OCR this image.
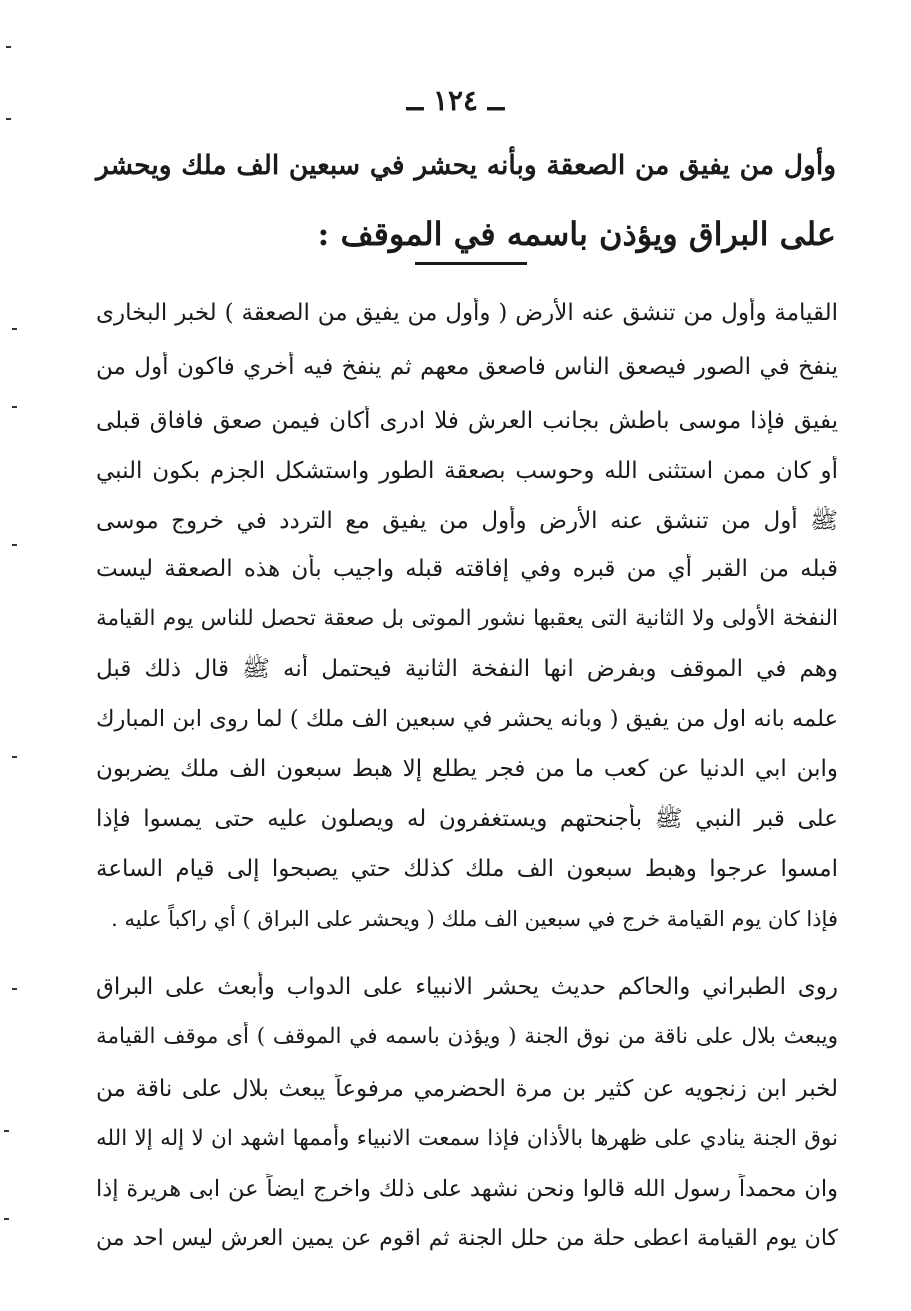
ــ ١٢٤ ــ
وأول من يفيق من الصعقة وبأنه يحشر في سبعين الف ملك ويحشر
على البراق ويؤذن باسمه في الموقف :
القيامة وأول من تنشق عنه الأرض ( وأول من يفيق من الصعقة ) لخبر البخارى
ينفخ في الصور فيصعق الناس فاصعق معهم ثم ينفخ فيه أخري فاكون أول من
يفيق فإذا موسى باطش بجانب العرش فلا ادرى أكان فيمن صعق فافاق قبلى
أو كان ممن استثنى الله وحوسب بصعقة الطور واستشكل الجزم بكون النبي
ﷺ أول من تنشق عنه الأرض وأول من يفيق مع التردد في خروج موسى
قبله من القبر أي من قبره وفي إفاقته قبله واجيب بأن هذه الصعقة ليست
النفخة الأولى ولا الثانية التى يعقبها نشور الموتى بل صعقة تحصل للناس يوم القيامة
وهم في الموقف وبفرض انها النفخة الثانية فيحتمل أنه ﷺ قال ذلك قبل
علمه بانه اول من يفيق ( وبانه يحشر في سبعين الف ملك ) لما روى ابن المبارك
وابن ابي الدنيا عن كعب ما من فجر يطلع إلا هبط سبعون الف ملك يضربون
على قبر النبي ﷺ بأجنحتهم ويستغفرون له ويصلون عليه حتى يمسوا فإذا
امسوا عرجوا وهبط سبعون الف ملك كذلك حتي يصبحوا إلى قيام الساعة
فإذا كان يوم القيامة خرج في سبعين الف ملك ( ويحشر على البراق ) أي راكباً عليه .
روى الطبراني والحاكم حديث يحشر الانبياء على الدواب وأبعث على البراق
ويبعث بلال على ناقة من نوق الجنة ( ويؤذن باسمه في الموقف ) أى موقف القيامة
لخبر ابن زنجويه عن كثير بن مرة الحضرمي مرفوعاً يبعث بلال على ناقة من
نوق الجنة ينادي على ظهرها بالأذان فإذا سمعت الانبياء وأممها اشهد ان لا إله إلا الله
وان محمداً رسول الله قالوا ونحن نشهد على ذلك واخرج ايضاً عن ابى هريرة إذا
كان يوم القيامة اعطى حلة من حلل الجنة ثم اقوم عن يمين العرش ليس احد من
